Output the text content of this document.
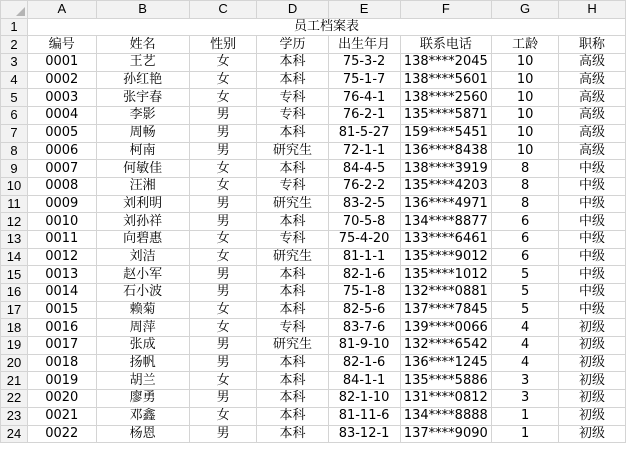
	A	B	C	D	E	F	G	H
1	员工档案表							
2	编号	姓名	性别	学历	出生年月	联系电话	工龄	职称
3	0001	王艺	女	本科	75-3-2	138****2045	10	高级
4	0002	孙红艳	女	本科	75-1-7	138****5601	10	高级
5	0003	张宇春	女	专科	76-4-1	138****2560	10	高级
6	0004	李影	男	专科	76-2-1	135****5871	10	高级
7	0005	周畅	男	本科	81-5-27	159****5451	10	高级
8	0006	柯南	男	研究生	72-1-1	136****8438	10	高级
9	0007	何敏佳	女	本科	84-4-5	138****3919	8	中级
10	0008	汪湘	女	专科	76-2-2	135****4203	8	中级
11	0009	刘利明	男	研究生	83-2-5	136****4971	8	中级
12	0010	刘孙祥	男	本科	70-5-8	134****8877	6	中级
13	0011	向碧惠	女	专科	75-4-20	133****6461	6	中级
14	0012	刘洁	女	研究生	81-1-1	135****9012	6	中级
15	0013	赵小军	男	本科	82-1-6	135****1012	5	中级
16	0014	石小波	男	本科	75-1-8	132****0881	5	中级
17	0015	赖菊	女	本科	82-5-6	137****7845	5	中级
18	0016	周萍	女	专科	83-7-6	139****0066	4	初级
19	0017	张成	男	研究生	81-9-10	132****6542	4	初级
20	0018	扬帆	男	本科	82-1-6	136****1245	4	初级
21	0019	胡兰	女	本科	84-1-1	135****5886	3	初级
22	0020	廖勇	男	本科	82-1-10	131****0812	3	初级
23	0021	邓鑫	女	本科	81-11-6	134****8888	1	初级
24	0022	杨恩	男	本科	83-12-1	137****9090	1	初级
